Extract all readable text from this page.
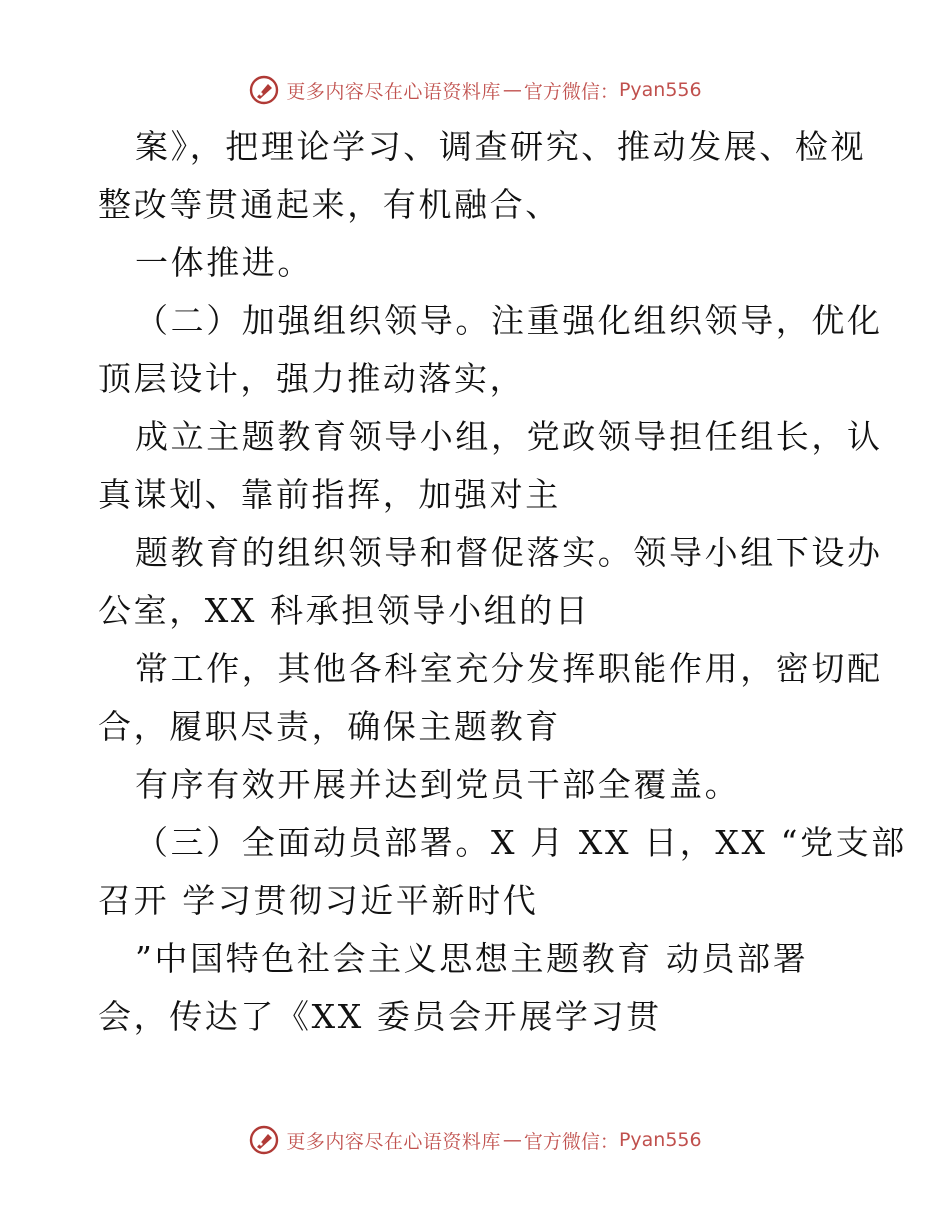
更多内容尽在心语资料库 — 官方微信： Pyan556
案》，把理论学习、调查研究、推动发展、检视
整改等贯通起来，有机融合、
一体推进。
（二）加强组织领导。注重强化组织领导，优化
顶层设计，强力推动落实，
成立主题教育领导小组，党政领导担任组长，认
真谋划、靠前指挥，加强对主
题教育的组织领导和督促落实。领导小组下设办
公室，XX 科承担领导小组的日
常工作，其他各科室充分发挥职能作用，密切配
合，履职尽责，确保主题教育
有序有效开展并达到党员干部全覆盖。
（三）全面动员部署。X 月 XX 日，XX “党支部
召开 学习贯彻习近平新时代
”中国特色社会主义思想主题教育 动员部署
会，传达了《XX 委员会开展学习贯
更多内容尽在心语资料库 — 官方微信： Pyan556
